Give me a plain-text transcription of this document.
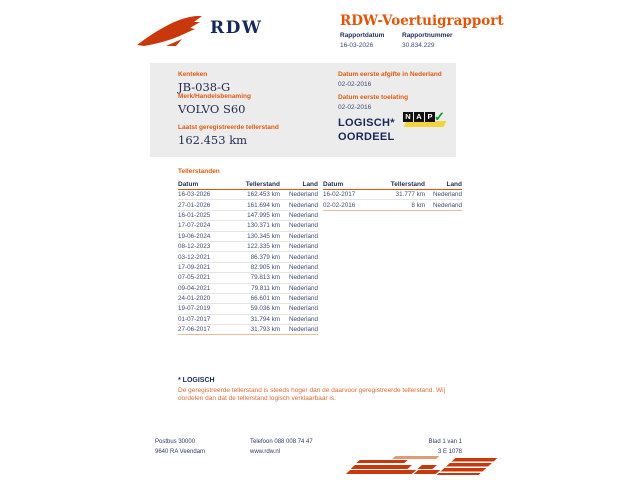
RDW	RDW-Voertuigrapport
Rapportdatum
16-03-2026
Rapportnummer
30.834.229
Kenteken
JB-038-G
Merk/Handelsbenaming
VOLVO S60
Laatst geregistreerde tellerstand
162.453 km
Datum eerste afgifte in Nederland
02-02-2016
Datum eerste toelating
02-02-2016
LOGISCH*
OORDEEL
N A P ✓
Tellerstanden
Datum	Tellerstand	Land
16-03-2026	162.453 km	Nederland
27-01-2026	161.694 km	Nederland
16-01-2025	147.995 km	Nederland
17-07-2024	130.371 km	Nederland
19-06-2024	130.345 km	Nederland
08-12-2023	122.335 km	Nederland
03-12-2021	86.379 km	Nederland
17-09-2021	82.905 km	Nederland
07-05-2021	79.813 km	Nederland
09-04-2021	79.811 km	Nederland
24-01-2020	66.601 km	Nederland
19-07-2019	59.036 km	Nederland
01-07-2017	31.794 km	Nederland
27-06-2017	31.793 km	Nederland
Datum	Tellerstand	Land
16-02-2017	31.777 km	Nederland
02-02-2016	8 km	Nederland
* LOGISCH
De geregistreerde tellerstand is steeds hoger dan de daarvoor geregistreerde tellerstand. Wij oordelen dan dat de tellerstand logisch verklaarbaar is.
Postbus 30000
9640 RA Veendam
Telefoon 088 008 74 47
www.rdw.nl
Blad 1 van 1
3 E 1078
